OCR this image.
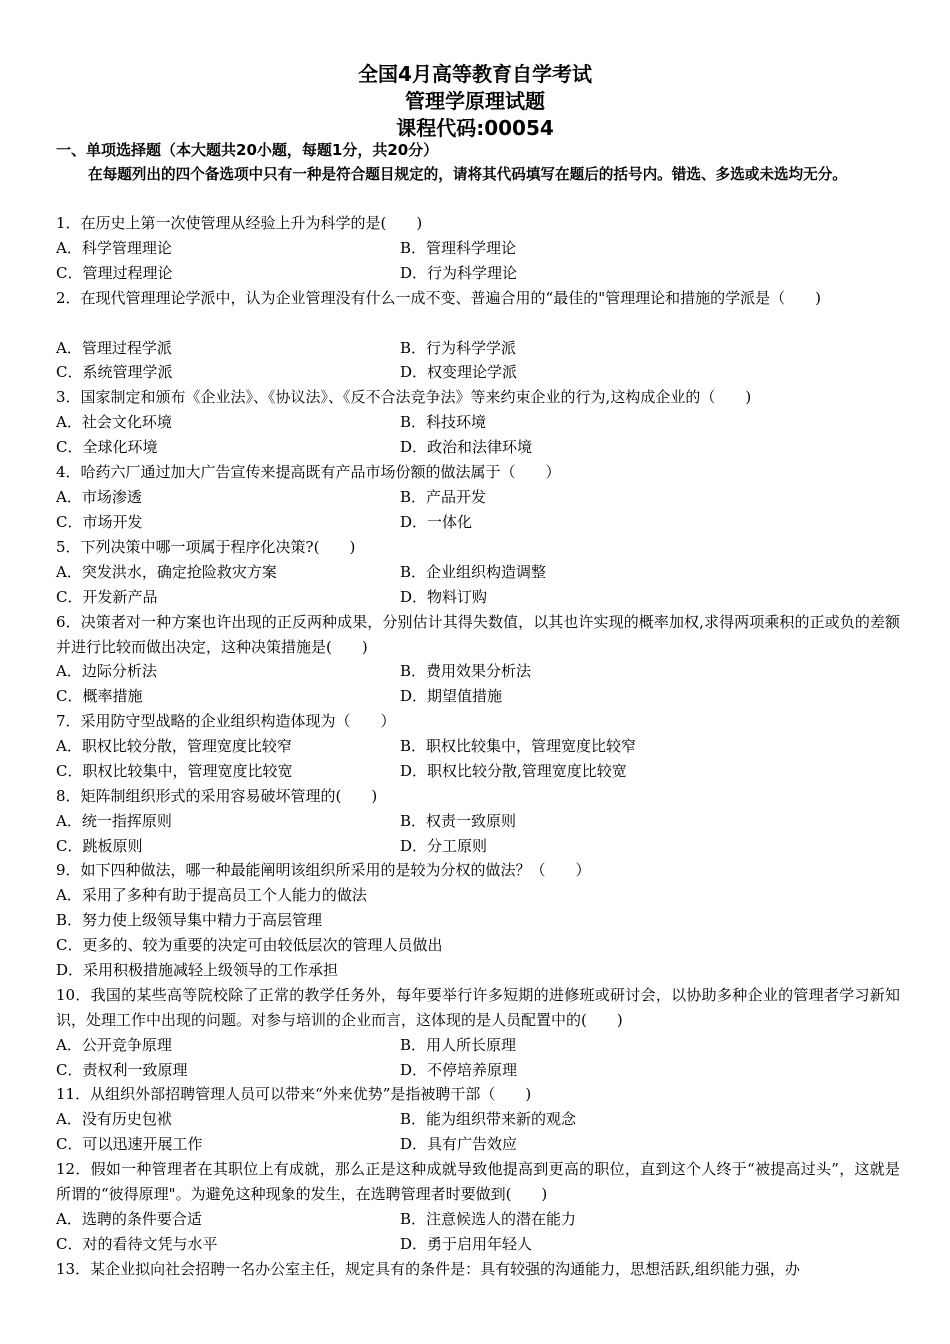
全国4月高等教育自学考试
管理学原理试题
课程代码:00054
一、单项选择题（本大题共20小题，每题1分，共20分）
在每题列出的四个备选项中只有一种是符合题目规定的，请将其代码填写在题后的括号内。错选、多选或未选均无分。
1．在历史上第一次使管理从经验上升为科学的是(　　)
A．科学管理理论	B．管理科学理论
C．管理过程理论	D．行为科学理论
2．在现代管理理论学派中，认为企业管理没有什么一成不变、普遍合用的“最佳的"管理理论和措施的学派是（　　)
A．管理过程学派	B．行为科学学派
C．系统管理学派	D．权变理论学派
3．国家制定和颁布《企业法》、《协议法》、《反不合法竞争法》等来约束企业的行为,这构成企业的（　　)
A．社会文化环境	B．科技环境
C．全球化环境	D．政治和法律环境
4．哈药六厂通过加大广告宣传来提高既有产品市场份额的做法属于（　　）
A．市场渗透	B．产品开发
C．市场开发	D．一体化
5．下列决策中哪一项属于程序化决策?(　　)
A．突发洪水，确定抢险救灾方案	B．企业组织构造调整
C．开发新产品	D．物料订购
6．决策者对一种方案也许出现的正反两种成果，分别估计其得失数值，以其也许实现的概率加权,求得两项乘积的正或负的差额并进行比较而做出决定，这种决策措施是(　　)
A．边际分析法	B．费用效果分析法
C．概率措施	D．期望值措施
7．采用防守型战略的企业组织构造体现为（　　）
A．职权比较分散，管理宽度比较窄	B．职权比较集中，管理宽度比较窄
C．职权比较集中，管理宽度比较宽	D．职权比较分散,管理宽度比较宽
8．矩阵制组织形式的采用容易破坏管理的(　　)
A．统一指挥原则	B．权责一致原则
C．跳板原则	D．分工原则
9．如下四种做法，哪一种最能阐明该组织所采用的是较为分权的做法？（　　）
A．采用了多种有助于提高员工个人能力的做法
B．努力使上级领导集中精力于高层管理
C．更多的、较为重要的决定可由较低层次的管理人员做出
D．采用积极措施减轻上级领导的工作承担
10．我国的某些高等院校除了正常的教学任务外，每年要举行许多短期的进修班或研讨会，以协助多种企业的管理者学习新知识，处理工作中出现的问题。对参与培训的企业而言，这体现的是人员配置中的(　　)
A．公开竞争原理	B．用人所长原理
C．责权利一致原理	D．不停培养原理
11．从组织外部招聘管理人员可以带来“外来优势”是指被聘干部（　　)
A．没有历史包袱	B．能为组织带来新的观念
C．可以迅速开展工作	D．具有广告效应
12．假如一种管理者在其职位上有成就，那么正是这种成就导致他提高到更高的职位，直到这个人终于“被提高过头”，这就是所谓的“彼得原理"。为避免这种现象的发生，在选聘管理者时要做到(　　)
A．选聘的条件要合适	B．注意候选人的潜在能力
C．对的看待文凭与水平	D．勇于启用年轻人
13．某企业拟向社会招聘一名办公室主任，规定具有的条件是：具有较强的沟通能力，思想活跃,组织能力强，办
